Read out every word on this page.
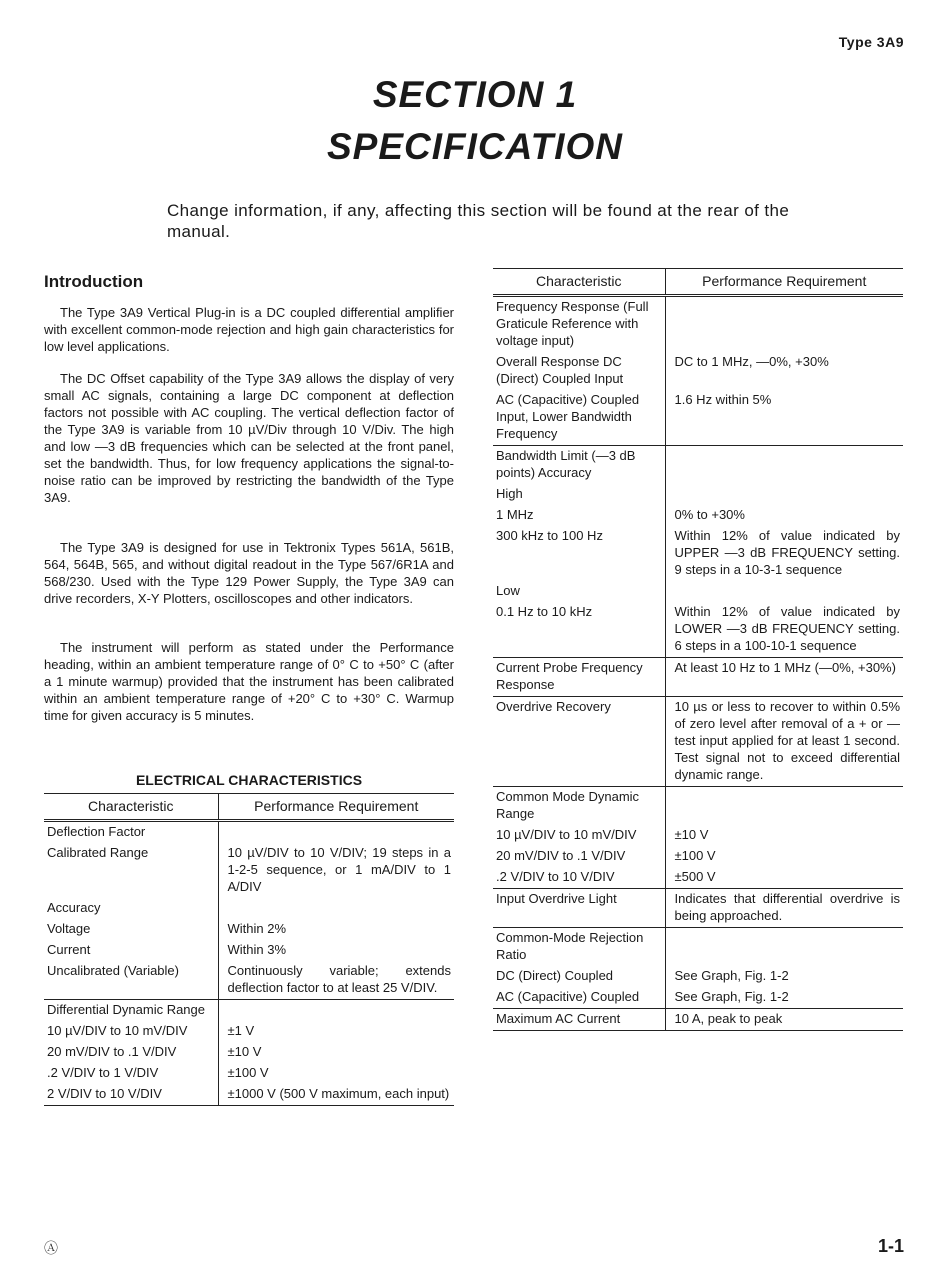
Type 3A9
SECTION 1
SPECIFICATION
Change information, if any, affecting this section will be found at the rear of the manual.
Introduction

The Type 3A9 Vertical Plug-in is a DC coupled differential amplifier with excellent common-mode rejection and high gain characteristics for low level applications.

The DC Offset capability of the Type 3A9 allows the display of very small AC signals, containing a large DC component at deflection factors not possible with AC coupling. The vertical deflection factor of the Type 3A9 is variable from 10 µV/Div through 10 V/Div. The high and low —3 dB frequencies which can be selected at the front panel, set the bandwidth. Thus, for low frequency applications the signal-to-noise ratio can be improved by restricting the bandwidth of the Type 3A9.

The Type 3A9 is designed for use in Tektronix Types 561A, 561B, 564, 564B, 565, and without digital readout in the Type 567/6R1A and 568/230. Used with the Type 129 Power Supply, the Type 3A9 can drive recorders, X-Y Plotters, oscilloscopes and other indicators.

The instrument will perform as stated under the Performance heading, within an ambient temperature range of 0° C to +50° C (after a 1 minute warmup) provided that the instrument has been calibrated within an ambient temperature range of +20° C to +30° C. Warmup time for given accuracy is 5 minutes.

ELECTRICAL CHARACTERISTICS
Characteristic	Performance Requirement
Deflection Factor	
Calibrated Range	10 µV/DIV to 10 V/DIV; 19 steps in a 1-2-5 sequence, or 1 mA/DIV to 1 A/DIV
Accuracy	
Voltage	Within 2%
Current	Within 3%
Uncalibrated (Variable)	Continuously variable; extends deflection factor to at least 25 V/DIV.
Differential Dynamic Range	
10 µV/DIV to 10 mV/DIV	±1 V
20 mV/DIV to .1 V/DIV	±10 V
.2 V/DIV to 1 V/DIV	±100 V
2 V/DIV to 10 V/DIV	±1000 V (500 V maximum, each input)
Characteristic	Performance Requirement
Frequency Response (Full Graticule Reference with voltage input)	
Overall Response DC (Direct) Coupled Input	DC to 1 MHz, —0%, +30%
AC (Capacitive) Coupled Input, Lower Bandwidth Frequency	1.6 Hz within 5%
Bandwidth Limit (—3 dB points) Accuracy	
High	
1 MHz	0% to +30%
300 kHz to 100 Hz	Within 12% of value indicated by UPPER —3 dB FREQUENCY setting. 9 steps in a 10-3-1 sequence
Low	
0.1 Hz to 10 kHz	Within 12% of value indicated by LOWER —3 dB FREQUENCY setting. 6 steps in a 100-10-1 sequence
Current Probe Frequency Response	At least 10 Hz to 1 MHz (—0%, +30%)
Overdrive Recovery	10 µs or less to recover to within 0.5% of zero level after removal of a + or — test input applied for at least 1 second. Test signal not to exceed differential dynamic range.
Common Mode Dynamic Range	
10 µV/DIV to 10 mV/DIV	±10 V
20 mV/DIV to .1 V/DIV	±100 V
.2 V/DIV to 10 V/DIV	±500 V
Input Overdrive Light	Indicates that differential overdrive is being approached.
Common-Mode Rejection Ratio	
DC (Direct) Coupled	See Graph, Fig. 1-2
AC (Capacitive) Coupled	See Graph, Fig. 1-2
Maximum AC Current	10 A, peak to peak
Ⓐ	1-1
